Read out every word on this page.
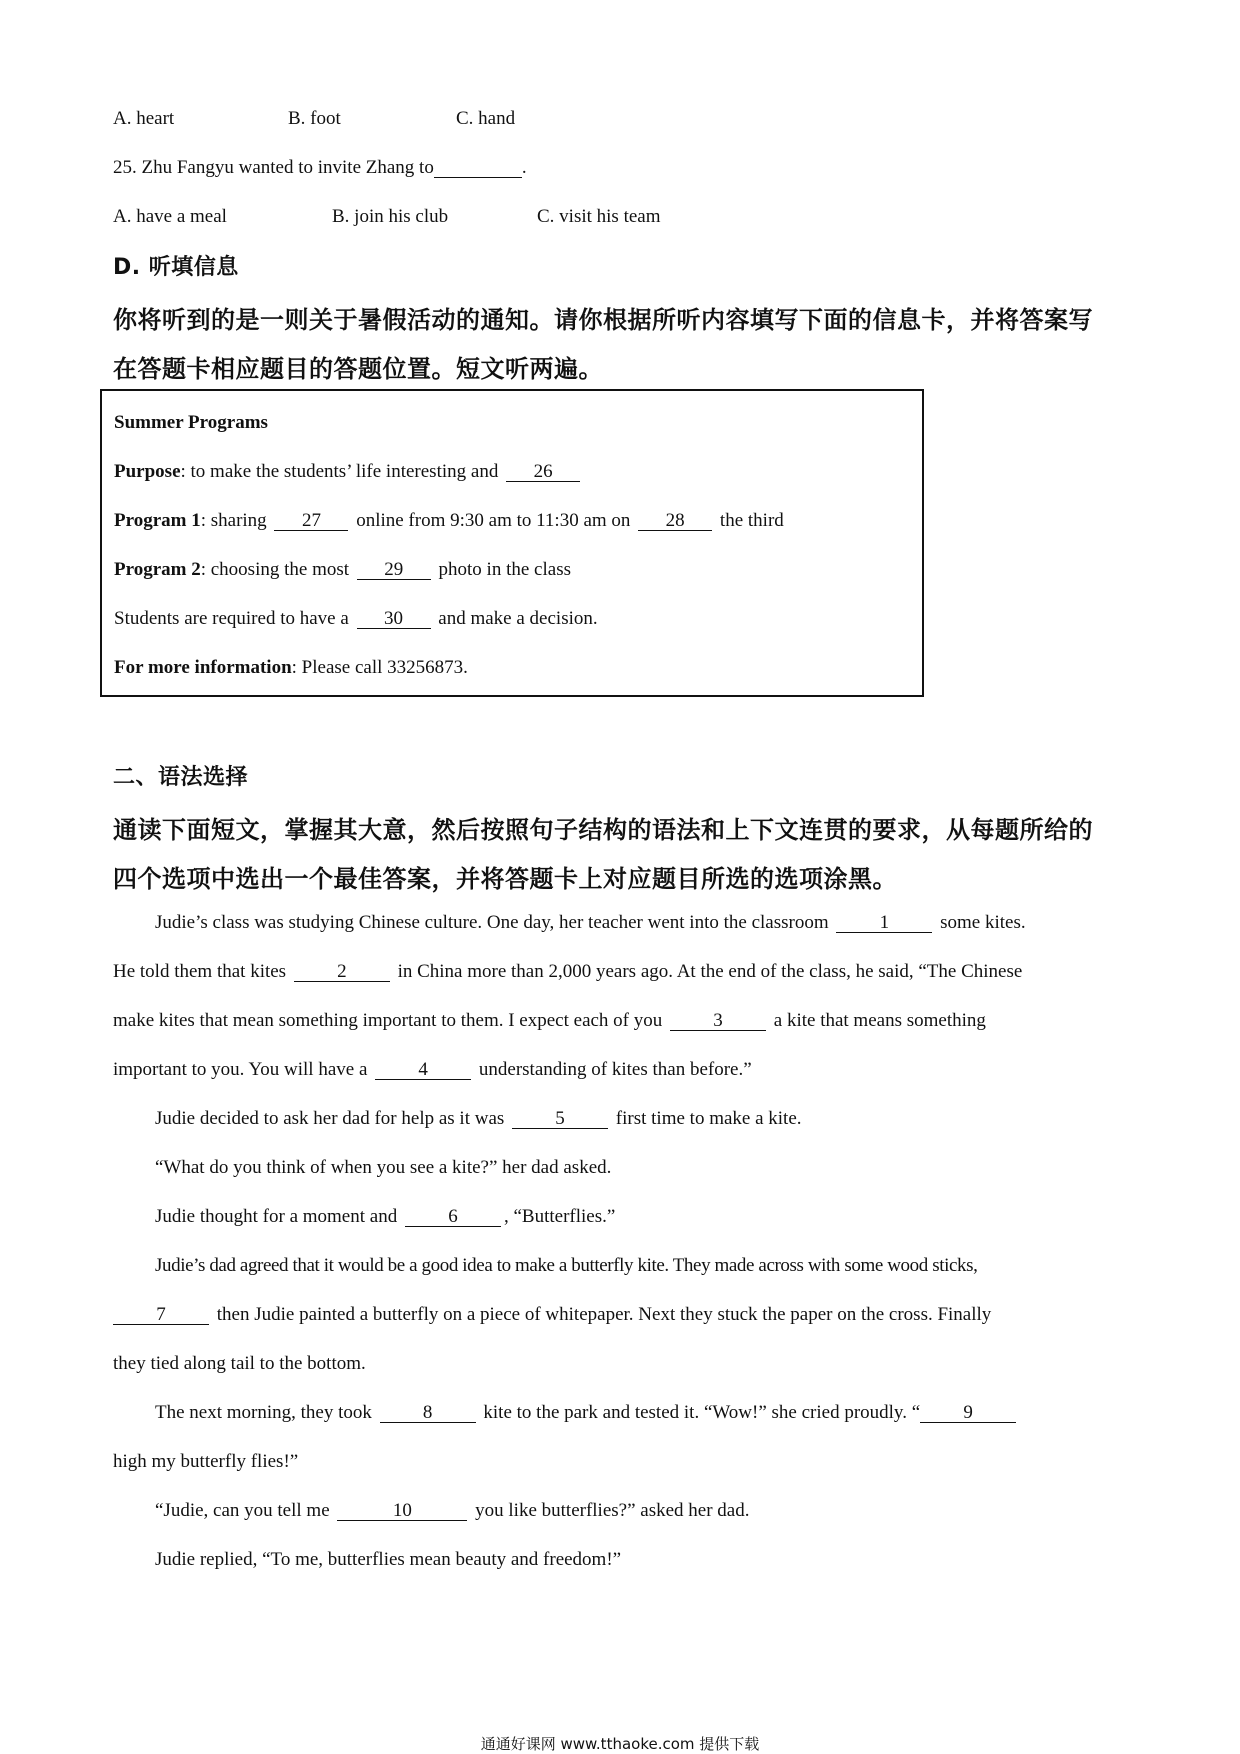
A. heart	B. foot	C. hand
25. Zhu Fangyu wanted to invite Zhang to	.
A. have a meal	B. join his club	C. visit his team
D. 听填信息
你将听到的是一则关于暑假活动的通知。请你根据所听内容填写下面的信息卡，并将答案写
在答题卡相应题目的答题位置。短文听两遍。
Summer Programs
Purpose: to make the students’ life interesting and 26
Program 1: sharing 27 online from 9:30 am to 11:30 am on 28 the third
Program 2: choosing the most 29 photo in the class
Students are required to have a 30 and make a decision.
For more information: Please call 33256873.
二、语法选择
通读下面短文，掌握其大意，然后按照句子结构的语法和上下文连贯的要求，从每题所给的
四个选项中选出一个最佳答案，并将答题卡上对应题目所选的选项涂黑。
Judie’s class was studying Chinese culture. One day, her teacher went into the classroom	1	some kites.
He told them that kites	2	in China more than 2,000 years ago. At the end of the class, he said, “The Chinese
make kites that mean something important to them. I expect each of you	3	a kite that means something
important to you. You will have a	4	understanding of kites than before.”
Judie decided to ask her dad for help as it was	5	first time to make a kite.
“What do you think of when you see a kite?” her dad asked.
Judie thought for a moment and	6 , “Butterflies.”
Judie’s dad agreed that it would be a good idea to make a butterfly kite. They made across with some wood sticks,
7	then Judie painted a butterfly on a piece of whitepaper. Next they stuck the paper on the cross. Finally
they tied along tail to the bottom.
The next morning, they took	8	kite to the park and tested it. “Wow!” she cried proudly. “ 9
high my butterfly flies!”
“Judie, can you tell me	10	you like butterflies?” asked her dad.
Judie replied, “To me, butterflies mean beauty and freedom!”
通通好课网 www.tthaoke.com 提供下载
